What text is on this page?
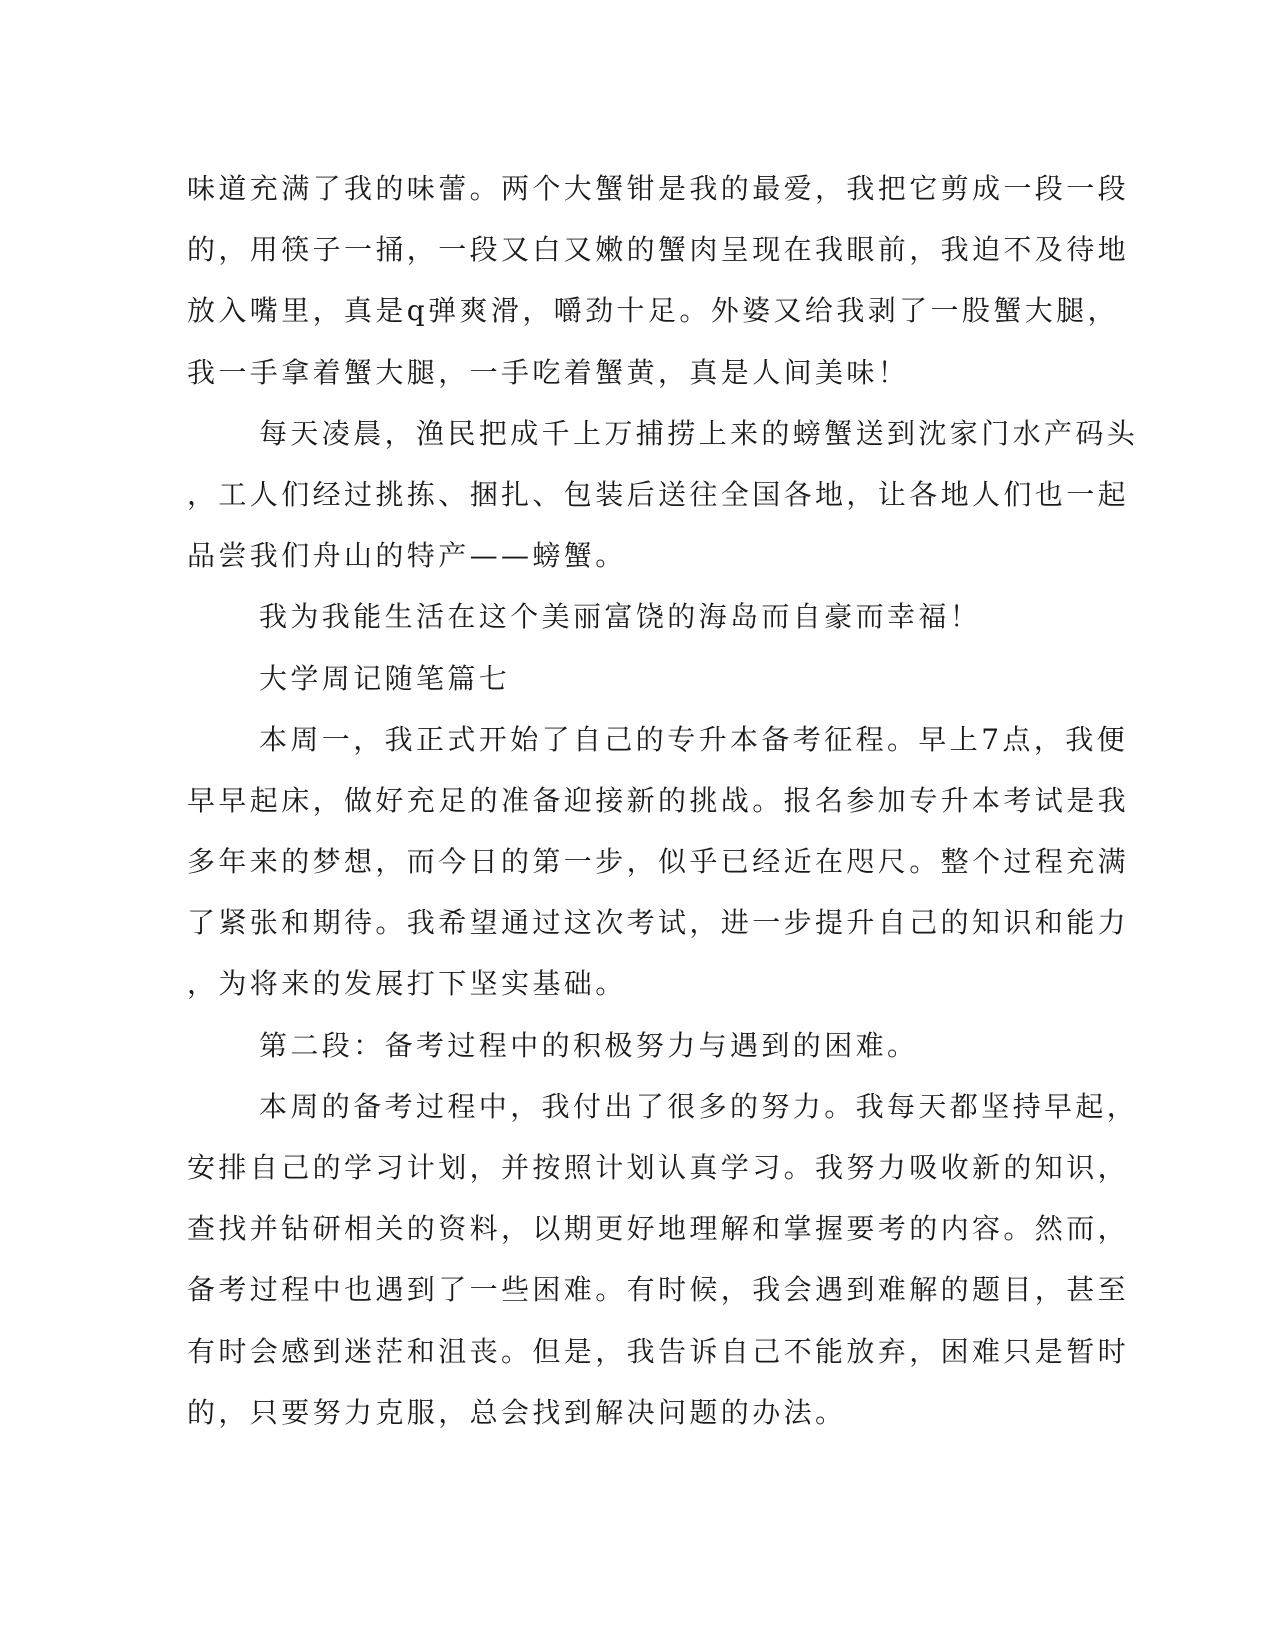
味道充满了我的味蕾。两个大蟹钳是我的最爱，我把它剪成一段一段
的，用筷子一捅，一段又白又嫩的蟹肉呈现在我眼前，我迫不及待地
放入嘴里，真是q弹爽滑，嚼劲十足。外婆又给我剥了一股蟹大腿，
我一手拿着蟹大腿，一手吃着蟹黄，真是人间美味！
每天凌晨，渔民把成千上万捕捞上来的螃蟹送到沈家门水产码头
，工人们经过挑拣、捆扎、包装后送往全国各地，让各地人们也一起
品尝我们舟山的特产——螃蟹。
我为我能生活在这个美丽富饶的海岛而自豪而幸福！
大学周记随笔篇七
本周一，我正式开始了自己的专升本备考征程。早上7点，我便
早早起床，做好充足的准备迎接新的挑战。报名参加专升本考试是我
多年来的梦想，而今日的第一步，似乎已经近在咫尺。整个过程充满
了紧张和期待。我希望通过这次考试，进一步提升自己的知识和能力
，为将来的发展打下坚实基础。
第二段：备考过程中的积极努力与遇到的困难。
本周的备考过程中，我付出了很多的努力。我每天都坚持早起，
安排自己的学习计划，并按照计划认真学习。我努力吸收新的知识，
查找并钻研相关的资料，以期更好地理解和掌握要考的内容。然而，
备考过程中也遇到了一些困难。有时候，我会遇到难解的题目，甚至
有时会感到迷茫和沮丧。但是，我告诉自己不能放弃，困难只是暂时
的，只要努力克服，总会找到解决问题的办法。
